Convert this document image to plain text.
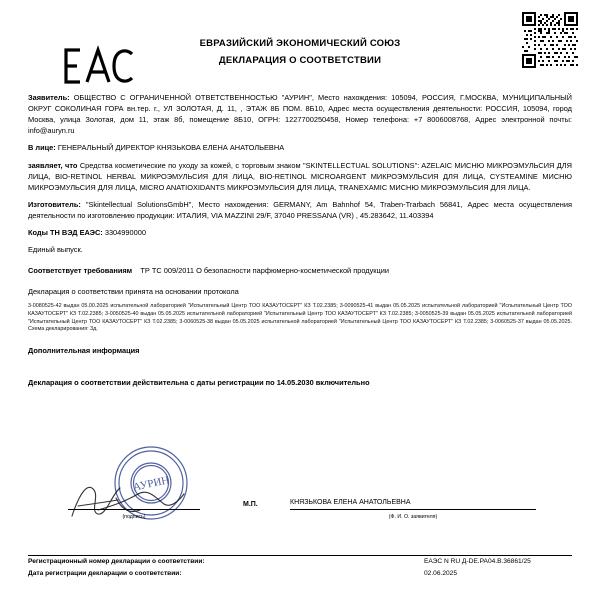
ЕВРАЗИЙСКИЙ ЭКОНОМИЧЕСКИЙ СОЮЗ
ДЕКЛАРАЦИЯ О СООТВЕТСТВИИ

Заявитель: ОБЩЕСТВО С ОГРАНИЧЕННОЙ ОТВЕТСТВЕННОСТЬЮ "АУРИН", Место нахождения: 105094, РОССИЯ, Г.МОСКВА, МУНИЦИПАЛЬНЫЙ ОКРУГ СОКОЛИНАЯ ГОРА вн.тер. г., УЛ ЗОЛОТАЯ, Д. 11, , ЭТАЖ 8Б ПОМ. 8Б10, Адрес места осуществления деятельности: РОССИЯ, 105094, город Москва, улица Золотая, дом 11, этаж 8б, помещение 8Б10, ОГРН: 1227700250458, Номер телефона: +7 8006008768, Адрес электронной почты: info@auryn.ru

В лице: ГЕНЕРАЛЬНЫЙ ДИРЕКТОР КНЯЗЬКОВА ЕЛЕНА АНАТОЛЬЕВНА

заявляет, что Средства косметические по уходу за кожей, с торговым знаком "SKINTELLECTUAL SOLUTIONS": AZELAIC МИСНЮ МИКРОЭМУЛЬСИЯ ДЛЯ ЛИЦА, BIO-RETINOL HERBAL МИКРОЭМУЛЬСИЯ ДЛЯ ЛИЦА, BIO-RETINOL MICROARGENT МИКРОЭМУЛЬСИЯ ДЛЯ ЛИЦА, CYSTEAMINE МИСНЮ МИКРОЭМУЛЬСИЯ ДЛЯ ЛИЦА, MICRO ANATIOXIDANTS МИКРОЭМУЛЬСИЯ ДЛЯ ЛИЦА, TRANEXAMIC МИСНЮ МИКРОЭМУЛЬСИЯ ДЛЯ ЛИЦА.

Изготовитель: "Skintellectual SolutionsGmbH", Место нахождения: GERMANY, Am Bahnhof 54, Traben-Trarbach 56841, Адрес места осуществления деятельности по изготовлению продукции: ИТАЛИЯ, VIA MAZZINI 29/F, 37040 PRESSANA (VR) , 45.283642, 11.403394

Коды ТН ВЭД ЕАЭС: 3304990000

Единый выпуск.

Соответствует требованиям ТР ТС 009/2011 О безопасности парфюмерно-косметической продукции

Декларация о соответствии принята на основании протокола

3-0080525-42 выдан 05.00.2025 испытательной лабораторией "Испытательный Центр ТОО КАЗАУТОСЕРТ" КЗ Т.02.2385; 3-0090525-41 выдан 05.05.2025 испытательной лабораторией "Испытательный Центр ТОО КАЗАУТОСЕРТ" КЗ Т.02.2385; 3-0050525-40 выдан 05.05.2025 испытательной лабораторией "Испытательный Центр ТОО КАЗАУТОСЕРТ" КЗ Т.02.2385; 3-0050525-39 выдан 05.05.2025 испытательной лабораторией "Испытательный Центр ТОО КАЗАУТОСЕРТ" КЗ Т.02.2385; 3-0060525-38 выдан 05.05.2025 испытательной лабораторией "Испытательный Центр ТОО КАЗАУТОСЕРТ" КЗ Т.02.2385; 3-0060525-37 выдан 05.05.2025. Схема декларирования: 3д.

Дополнительная информация
Декларация о соответствии действительна с даты регистрации по 14.05.2030 включительно
АУРИН
(подпись)
М.П.	КНЯЗЬКОВА ЕЛЕНА АНАТОЛЬЕВНА
(Ф. И. О. заявителя)
Регистрационный номер декларации о соответствии:	ЕАЭС N RU Д-DE.РА04.В.36861/25
Дата регистрации декларации о соответствии:	02.06.2025
